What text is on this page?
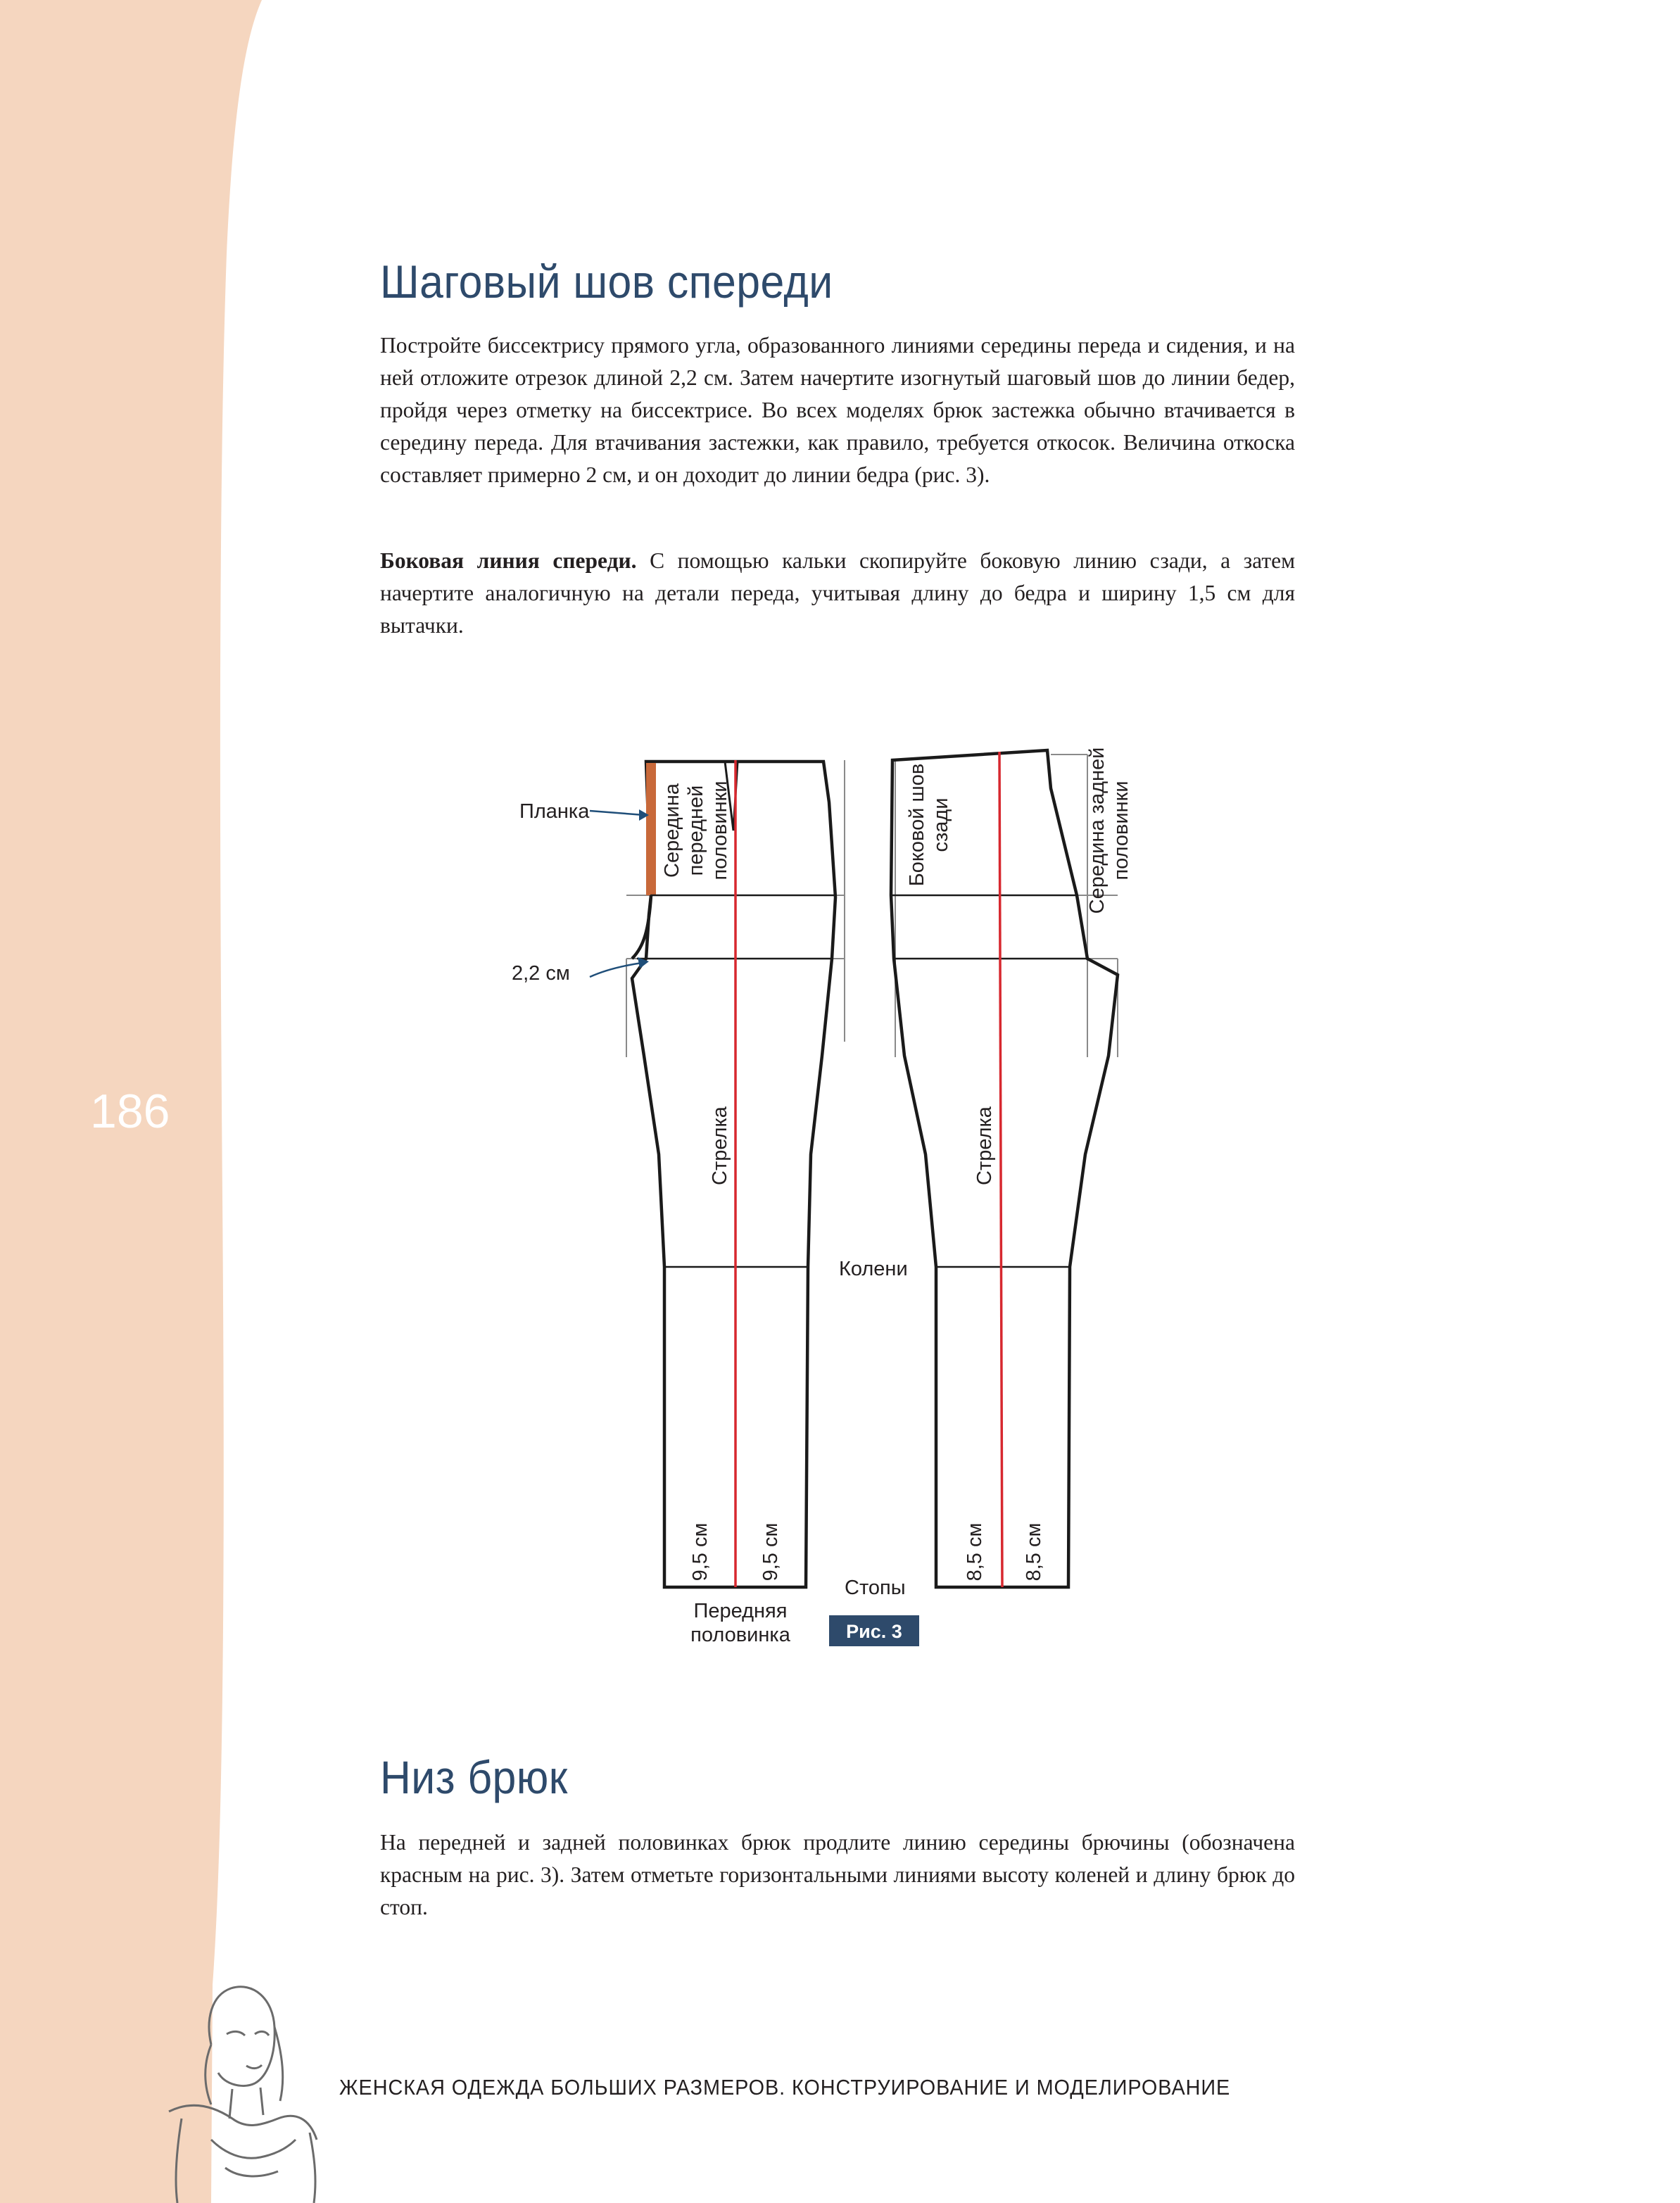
186
Шаговый шов спереди

Постройте биссектрису прямого угла, образованного линиями середины переда и сидения, и на ней отложите отрезок длиной 2,2 см. Затем начертите изогнутый шаговый шов до линии бедер, пройдя через отметку на биссектрисе. Во всех моделях брюк застежка обычно втачивается в середину переда. Для втачивания застежки, как правило, требуется откосок. Величина откоска составляет примерно 2 см, и он доходит до линии бедра (рис. 3).

Боковая линия спереди. С помощью кальки скопируйте боковую линию сзади, а затем начертите аналогичную на детали переда, учитывая длину до бедра и ширину 1,5 см для вытачки.

Планка
2,2 см
Колени
Стопы
Передняя
половинка	Рис. 3
Середина передней половинки	Боковой шов сзади	Середина задней половинки
Стрелка	Стрелка
9,5 см 9,5 см	8,5 см 8,5 см
Низ брюк

На передней и задней половинках брюк продлите линию середины брючины (обозначена красным на рис. 3). Затем отметьте горизонтальными линиями высоту коленей и длину брюк до стоп.

ЖЕНСКАЯ ОДЕЖДА БОЛЬШИХ РАЗМЕРОВ. КОНСТРУИРОВАНИЕ И МОДЕЛИРОВАНИЕ
